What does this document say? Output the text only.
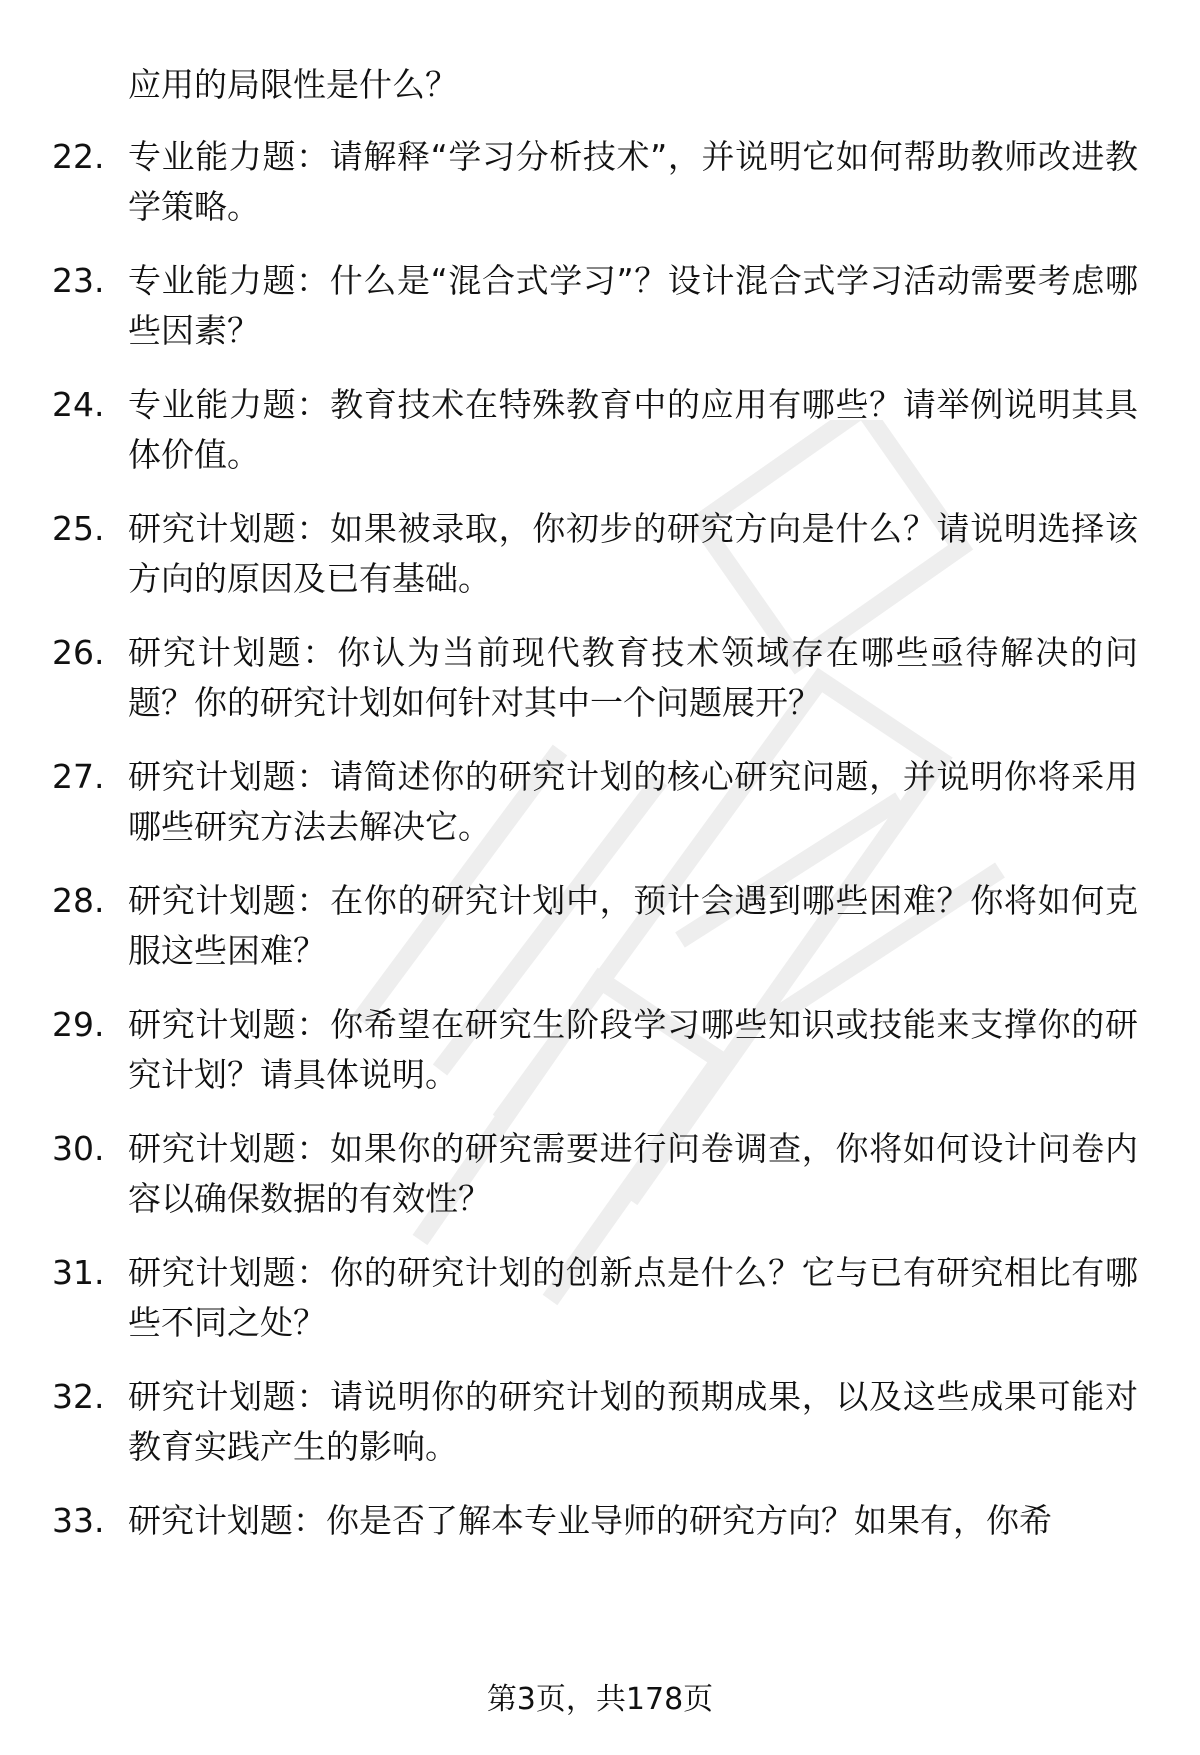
应用的局限性是什么？
22. 专业能力题：请解释“学习分析技术”，并说明它如何帮助教师改进教学策略。
23. 专业能力题：什么是“混合式学习”？设计混合式学习活动需要考虑哪些因素？
24. 专业能力题：教育技术在特殊教育中的应用有哪些？请举例说明其具体价值。
25. 研究计划题：如果被录取，你初步的研究方向是什么？请说明选择该方向的原因及已有基础。
26. 研究计划题：你认为当前现代教育技术领域存在哪些亟待解决的问题？你的研究计划如何针对其中一个问题展开？
27. 研究计划题：请简述你的研究计划的核心研究问题，并说明你将采用哪些研究方法去解决它。
28. 研究计划题：在你的研究计划中，预计会遇到哪些困难？你将如何克服这些困难？
29. 研究计划题：你希望在研究生阶段学习哪些知识或技能来支撑你的研究计划？请具体说明。
30. 研究计划题：如果你的研究需要进行问卷调查，你将如何设计问卷内容以确保数据的有效性？
31. 研究计划题：你的研究计划的创新点是什么？它与已有研究相比有哪些不同之处？
32. 研究计划题：请说明你的研究计划的预期成果，以及这些成果可能对教育实践产生的影响。
33. 研究计划题：你是否了解本专业导师的研究方向？如果有，你希
第3页，共178页
